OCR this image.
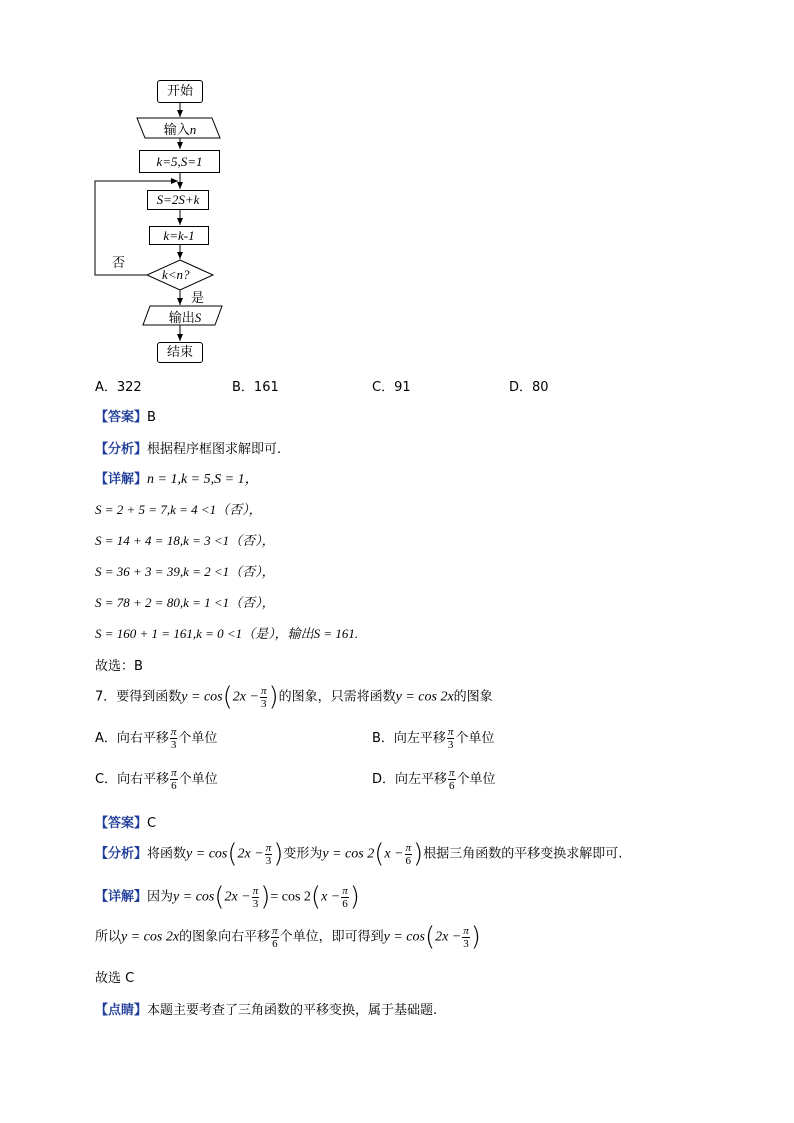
开始
输入n
k=5,S=1
S=2S+k
k=k-1
k<n?
否
是
输出S
结束
A．322	B．161	C．91	D．80
【答案】B
【分析】根据程序框图求解即可.
【详解】n = 1,k = 5,S = 1，
S = 2 + 5 = 7,k = 4 <1（否），
S = 14 + 4 = 18,k = 3 <1（否），
S = 36 + 3 = 39,k = 2 <1（否），
S = 78 + 2 = 80,k = 1 <1（否），
S = 160 + 1 = 161,k = 0 <1（是），输出S = 161.
故选：B
7．要得到函数$y = \cos(2x - \frac{\pi}{3}$ )的图象，只需将函数y = cos 2x的图象
A．向右平移 $\frac{\pi}{3}$ 个单位	B．向左平移 $\frac{\pi}{3}$ 个单位
C．向右平移 $\frac{\pi}{6}$ 个单位	D．向左平移 $\frac{\pi}{6}$ 个单位
【答案】C
【分析】将函数$y = \cos(2x - \frac{\pi}{3}$ )变形为$y = \cos 2(x - \frac{\pi}{6}$ )根据三角函数的平移变换求解即可.
【详解】因为$y = \cos(2x - \frac{\pi}{3}$ )= $\cos 2(x - \frac{\pi}{6}$ )
所以y = cos 2x的图象向右平移 $\frac{\pi}{6}$ 个单位，即可得到$y = \cos(2x - \frac{\pi}{3}$ )
故选 C
【点睛】本题主要考查了三角函数的平移变换，属于基础题.
